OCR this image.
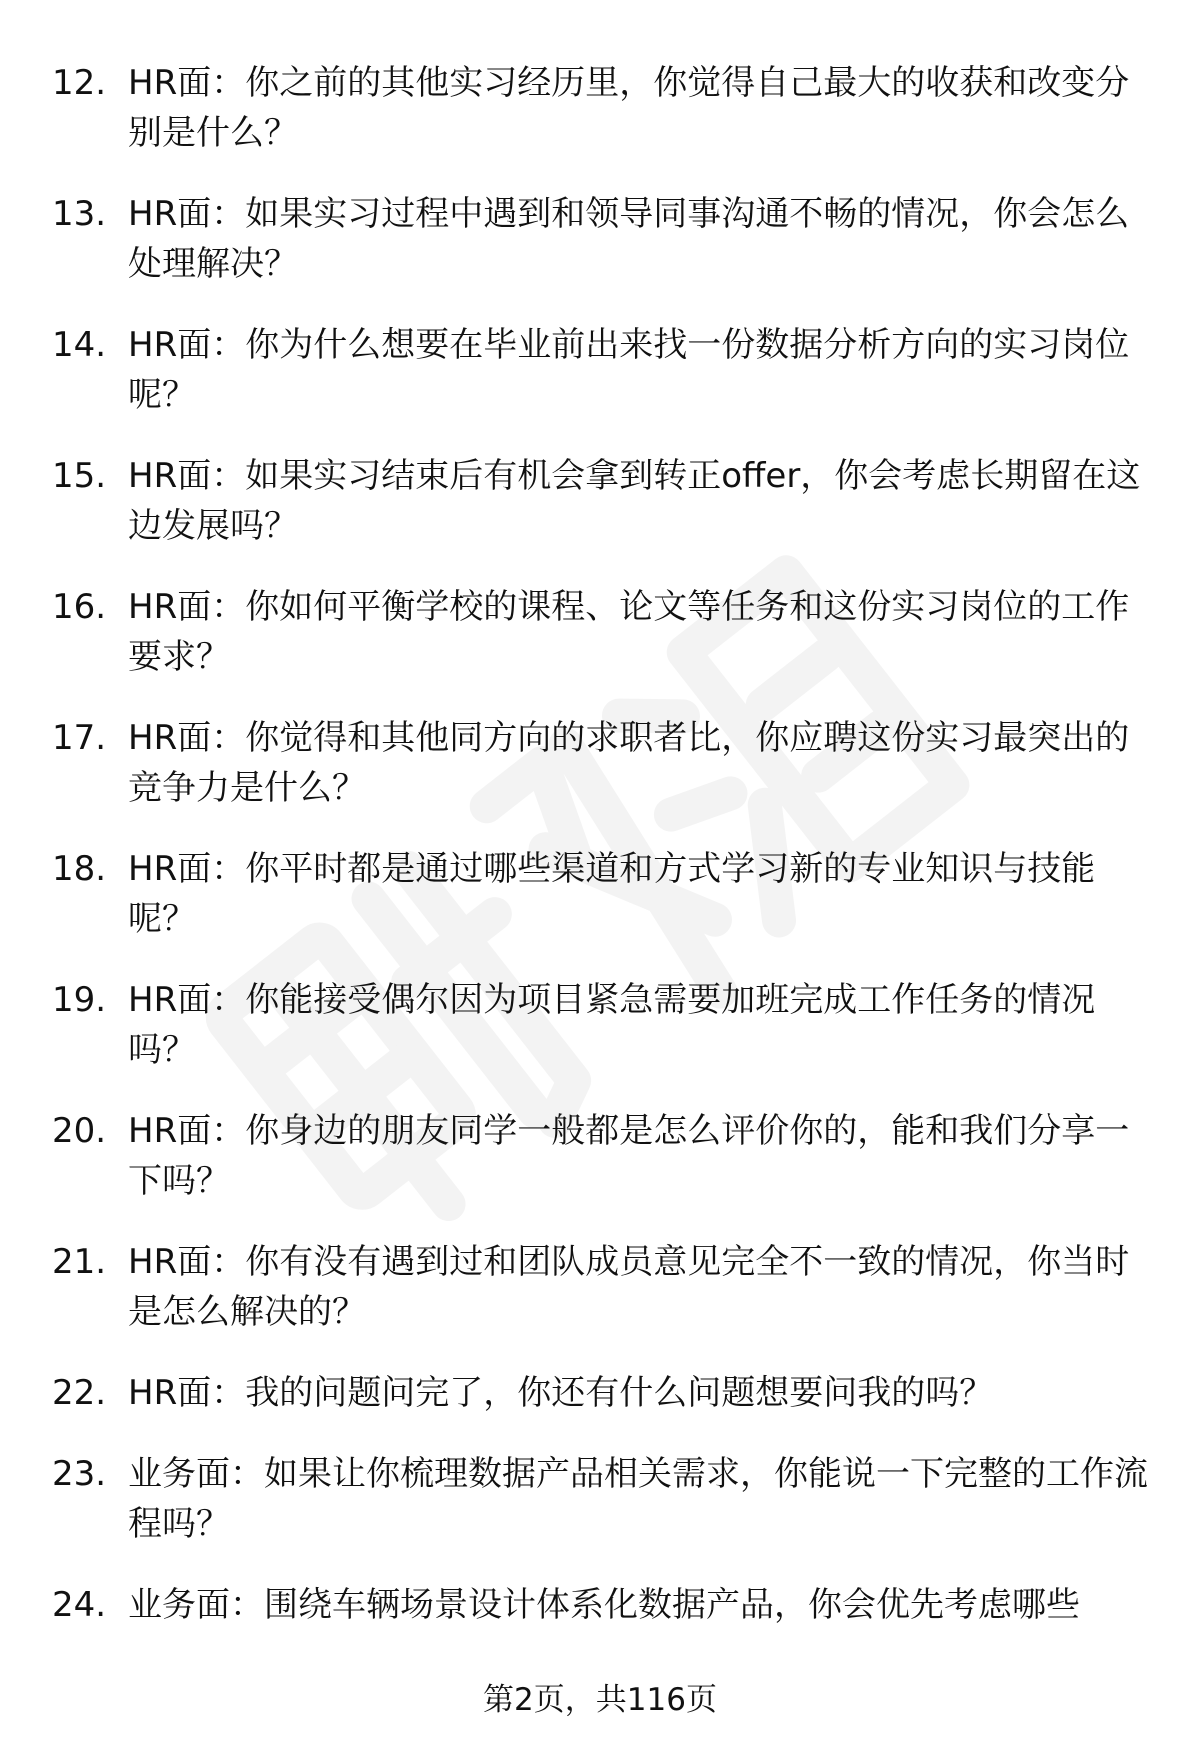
12. HR面：你之前的其他实习经历里，你觉得自己最大的收获和改变分别是什么？
13. HR面：如果实习过程中遇到和领导同事沟通不畅的情况，你会怎么处理解决？
14. HR面：你为什么想要在毕业前出来找一份数据分析方向的实习岗位呢？
15. HR面：如果实习结束后有机会拿到转正offer，你会考虑长期留在这边发展吗？
16. HR面：你如何平衡学校的课程、论文等任务和这份实习岗位的工作要求？
17. HR面：你觉得和其他同方向的求职者比，你应聘这份实习最突出的竞争力是什么？
18. HR面：你平时都是通过哪些渠道和方式学习新的专业知识与技能呢？
19. HR面：你能接受偶尔因为项目紧急需要加班完成工作任务的情况吗？
20. HR面：你身边的朋友同学一般都是怎么评价你的，能和我们分享一下吗？
21. HR面：你有没有遇到过和团队成员意见完全不一致的情况，你当时是怎么解决的？
22. HR面：我的问题问完了，你还有什么问题想要问我的吗？
23. 业务面：如果让你梳理数据产品相关需求，你能说一下完整的工作流程吗？
24. 业务面：围绕车辆场景设计体系化数据产品，你会优先考虑哪些
第2页，共116页
